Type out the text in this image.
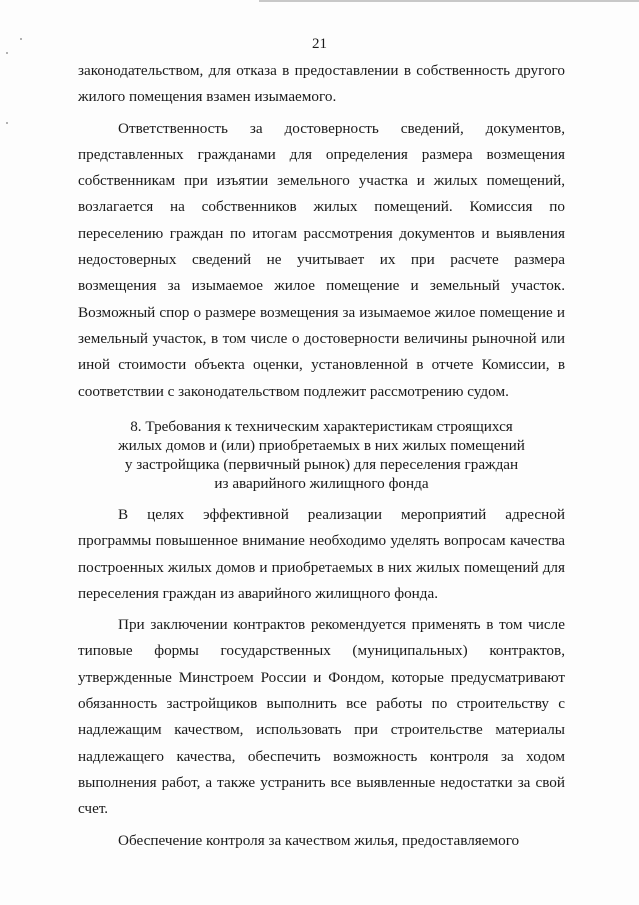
21

законодательством, для отказа в предоставлении в собственность другого жилого помещения взамен изымаемого.

Ответственность за достоверность сведений, документов, представленных гражданами для определения размера возмещения собственникам при изъятии земельного участка и жилых помещений, возлагается на собственников жилых помещений. Комиссия по переселению граждан по итогам рассмотрения документов и выявления недостоверных сведений не учитывает их при расчете размера возмещения за изымаемое жилое помещение и земельный участок. Возможный спор о размере возмещения за изымаемое жилое помещение и земельный участок, в том числе о достоверности величины рыночной или иной стоимости объекта оценки, установленной в отчете Комиссии, в соответствии с законодательством подлежит рассмотрению судом.

8. Требования к техническим характеристикам строящихся
жилых домов и (или) приобретаемых в них жилых помещений
у застройщика (первичный рынок) для переселения граждан
из аварийного жилищного фонда

В целях эффективной реализации мероприятий адресной программы повышенное внимание необходимо уделять вопросам качества построенных жилых домов и приобретаемых в них жилых помещений для переселения граждан из аварийного жилищного фонда.

При заключении контрактов рекомендуется применять в том числе типовые формы государственных (муниципальных) контрактов, утвержденные Минстроем России и Фондом, которые предусматривают обязанность застройщиков выполнить все работы по строительству с надлежащим качеством, использовать при строительстве материалы надлежащего качества, обеспечить возможность контроля за ходом выполнения работ, а также устранить все выявленные недостатки за свой счет.

Обеспечение контроля за качеством жилья, предоставляемого
